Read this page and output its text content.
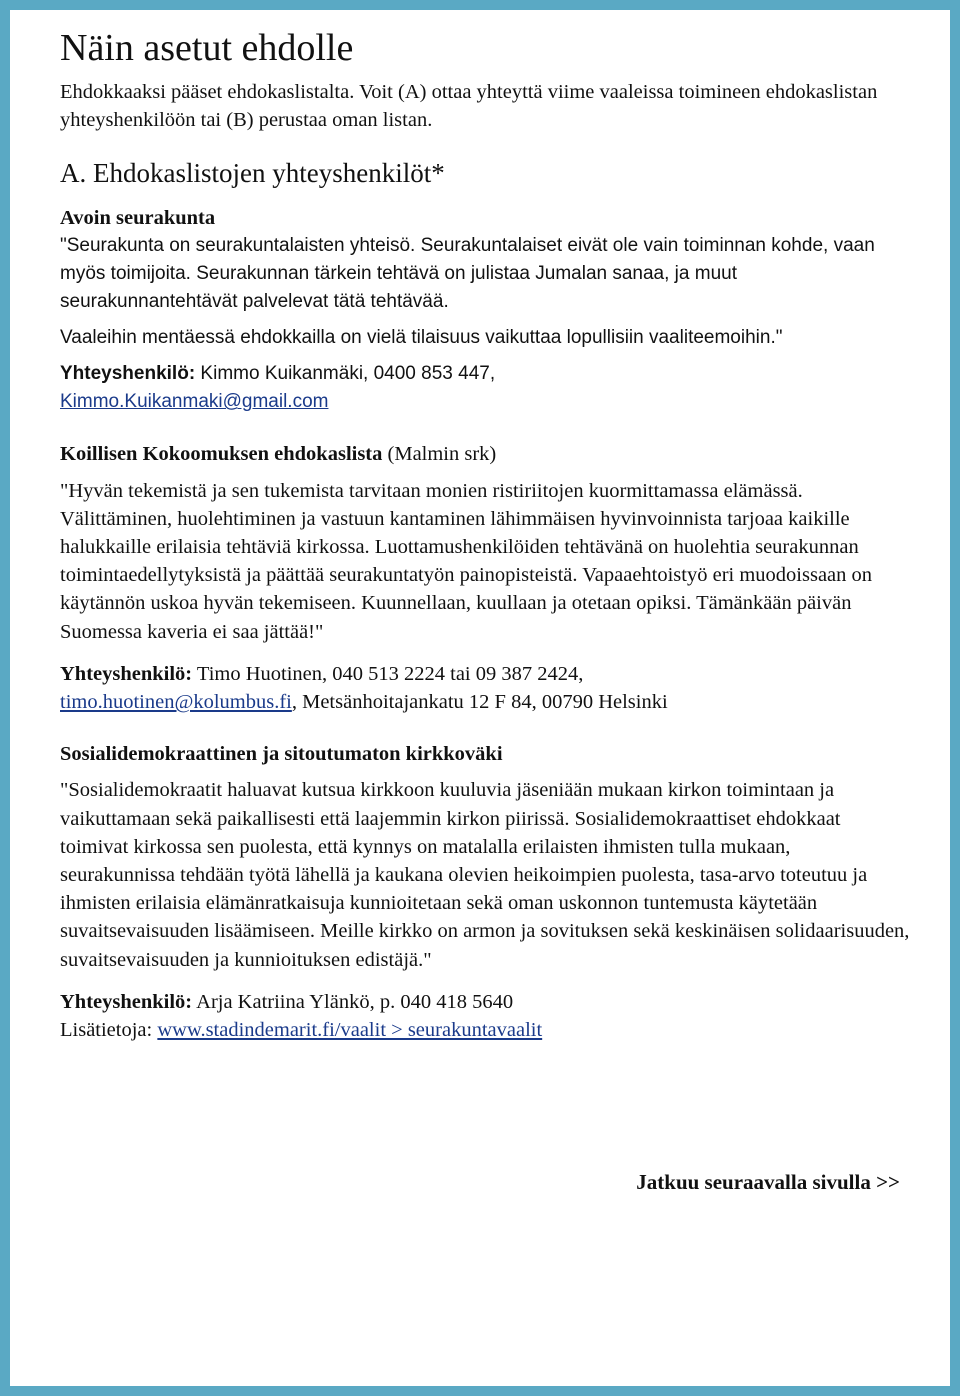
Näin asetut ehdolle

Ehdokkaaksi pääset ehdokaslistalta. Voit (A) ottaa yhteyttä viime vaaleissa toimineen ehdokaslistan yhteyshenkilöön tai (B) perustaa oman listan.

A. Ehdokaslistojen yhteyshenkilöt*

Avoin seurakunta

"Seurakunta on seurakuntalaisten yhteisö. Seurakuntalaiset eivät ole vain toiminnan kohde, vaan myös toimijoita. Seurakunnan tärkein tehtävä on julistaa Jumalan sanaa, ja muut seurakunnantehtävät palvelevat tätä tehtävää.

Vaaleihin mentäessä ehdokkailla on vielä tilaisuus vaikuttaa lopullisiin vaaliteemoihin."

Yhteyshenkilö: Kimmo Kuikanmäki, 0400 853 447,
Kimmo.Kuikanmaki@gmail.com

Koillisen Kokoomuksen ehdokaslista (Malmin srk)

"Hyvän tekemistä ja sen tukemista tarvitaan monien ristiriitojen kuormittamassa elämässä. Välittäminen, huolehtiminen ja vastuun kantaminen lähimmäisen hyvinvoinnista tarjoaa kaikille halukkaille erilaisia tehtäviä kirkossa. Luottamushenkilöiden tehtävänä on huolehtia seurakunnan toimintaedellytyksistä ja päättää seurakuntatyön painopisteistä. Vapaaehtoistyö eri muodoissaan on käytännön uskoa hyvän tekemiseen. Kuunnellaan, kuullaan ja otetaan opiksi. Tämänkään päivän Suomessa kaveria ei saa jättää!"

Yhteyshenkilö: Timo Huotinen, 040 513 2224 tai 09 387 2424,
timo.huotinen@kolumbus.fi, Metsänhoitajankatu 12 F 84, 00790 Helsinki

Sosialidemokraattinen ja sitoutumaton kirkkoväki

"Sosialidemokraatit haluavat kutsua kirkkoon kuuluvia jäseniään mukaan kirkon toimintaan ja vaikuttamaan sekä paikallisesti että laajemmin kirkon piirissä. Sosialidemokraattiset ehdokkaat toimivat kirkossa sen puolesta, että kynnys on matalalla erilaisten ihmisten tulla mukaan, seurakunnissa tehdään työtä lähellä ja kaukana olevien heikoimpien puolesta, tasa-arvo toteutuu ja ihmisten erilaisia elämänratkaisuja kunnioitetaan sekä oman uskonnon tuntemusta käytetään suvaitsevaisuuden lisäämiseen. Meille kirkko on armon ja sovituksen sekä keskinäisen solidaarisuuden, suvaitsevaisuuden ja kunnioituksen edistäjä."

Yhteyshenkilö: Arja Katriina Ylänkö, p. 040 418 5640
Lisätietoja: www.stadindemarit.fi/vaalit > seurakuntavaalit

Jatkuu seuraavalla sivulla >>
